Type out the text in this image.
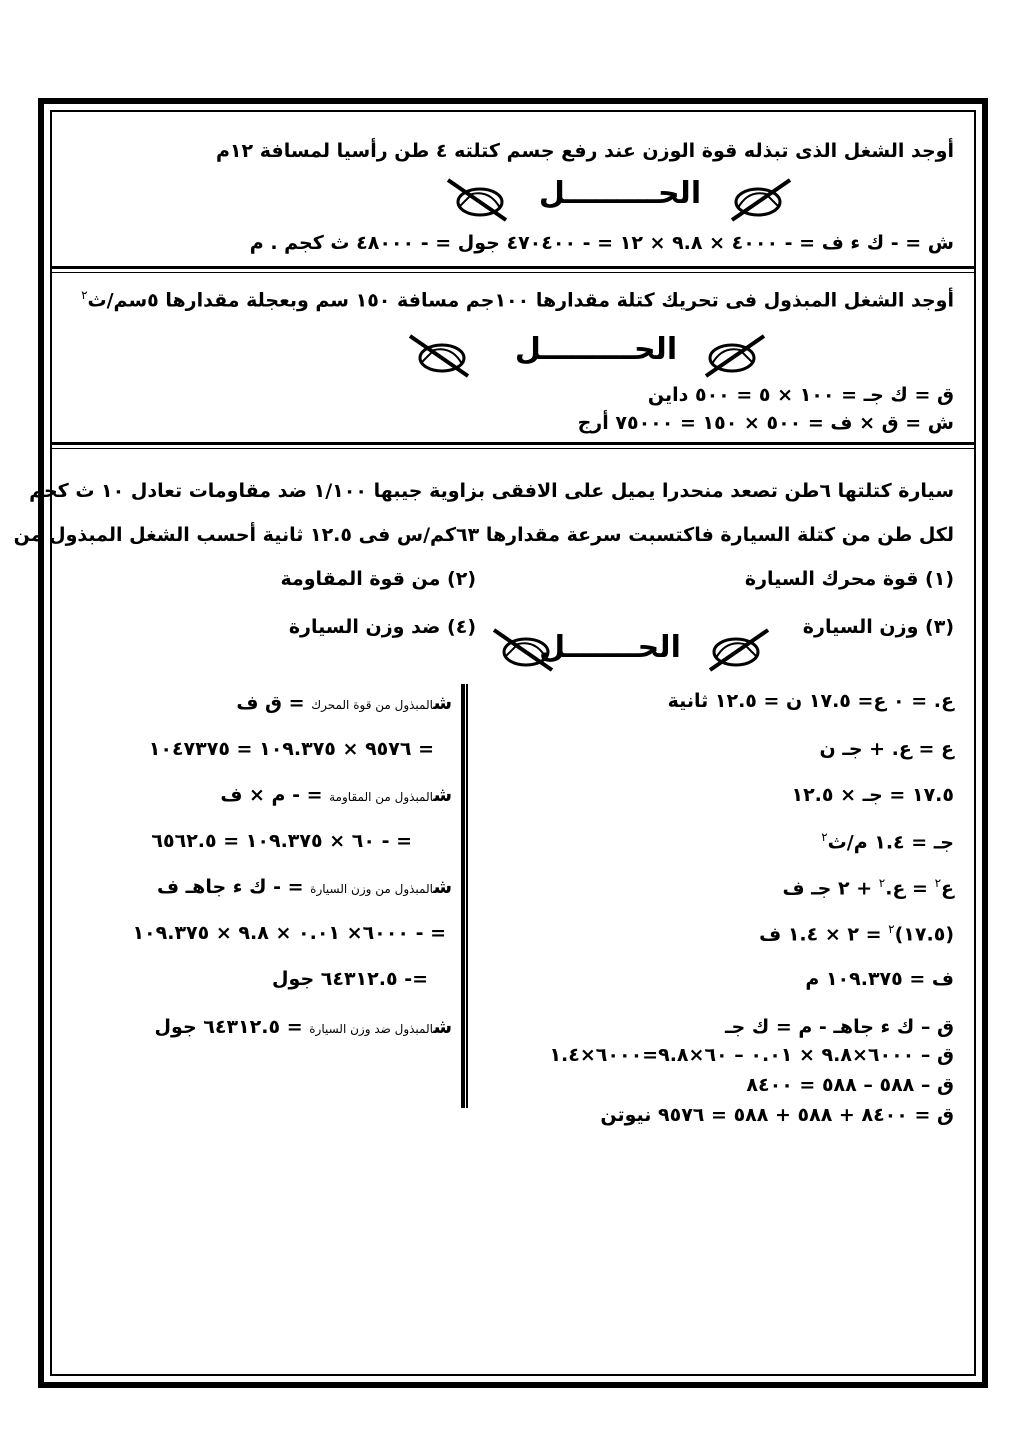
أوجد الشغل الذى تبذله قوة الوزن عند رفع جسم كتلته ٤ طن رأسيا لمسافة ١٢م
الحـــــــــل
ش = - ك ء ف = - ٤٠٠٠ × ٩.٨ × ١٢ = - ٤٧٠٤٠٠ جول = - ٤٨٠٠٠ ث كجم . م
أوجد الشغل المبذول فى تحريك كتلة مقدارها ١٠٠جم مسافة ١٥٠ سم وبعجلة مقدارها ٥سم/ث$^٢$
الحـــــــــل
ق = ك جـ = ١٠٠ × ٥ = ٥٠٠ داين
ش = ق × ف = ٥٠٠ × ١٥٠ = ٧٥٠٠٠ أرج
سيارة كتلتها ٦طن تصعد منحدرا يميل على الافقى بزاوية جيبها ١/١٠٠ ضد مقاومات تعادل ١٠ ث كجم
لكل طن من كتلة السيارة فاكتسبت سرعة مقدارها ٦٣كم/س فى ١٢.٥ ثانية أحسب الشغل المبذول من
(١) قوة محرك السيارة
(٢) من قوة المقاومة
(٣) وزن السيارة
(٤) ضد وزن السيارة
الحـــــــل
ع. = ٠ ع= ١٧.٥ ن = ١٢.٥ ثانية
ع = ع. + جـ ن
١٧.٥ = جـ × ١٢.٥
جـ = ١.٤ م/ث$^٢$
ع$^٢$ = ع.$^٢$ + ٢ جـ ف
(١٧.٥)$^٢$ = ٢ × ١.٤ ف
ف = ١٠٩.٣٧٥ م
ق – ك ء جاهـ - م = ك جـ
ق – ٦٠٠٠×٩.٨ × ٠.٠١ – ٦٠×٩.٨=٦٠٠٠×١.٤
ق – ٥٨٨ – ٥٨٨ = ٨٤٠٠
ق = ٨٤٠٠ + ٥٨٨ + ٥٨٨ = ٩٥٧٦ نيوتن
شالمبذول من قوة المحرك = ق ف
= ٩٥٧٦ × ١٠٩.٣٧٥ = ١٠٤٧٣٧٥
شالمبذول من المقاومة = - م × ف
= - ٦٠ × ١٠٩.٣٧٥ = ٦٥٦٢.٥
شالمبذول من وزن السيارة = - ك ء جاهـ ف
= - ٦٠٠٠× ٠.٠١ × ٩.٨ × ١٠٩.٣٧٥
=- ٦٤٣١٢.٥ جول
شالمبذول ضد وزن السيارة = ٦٤٣١٢.٥ جول
